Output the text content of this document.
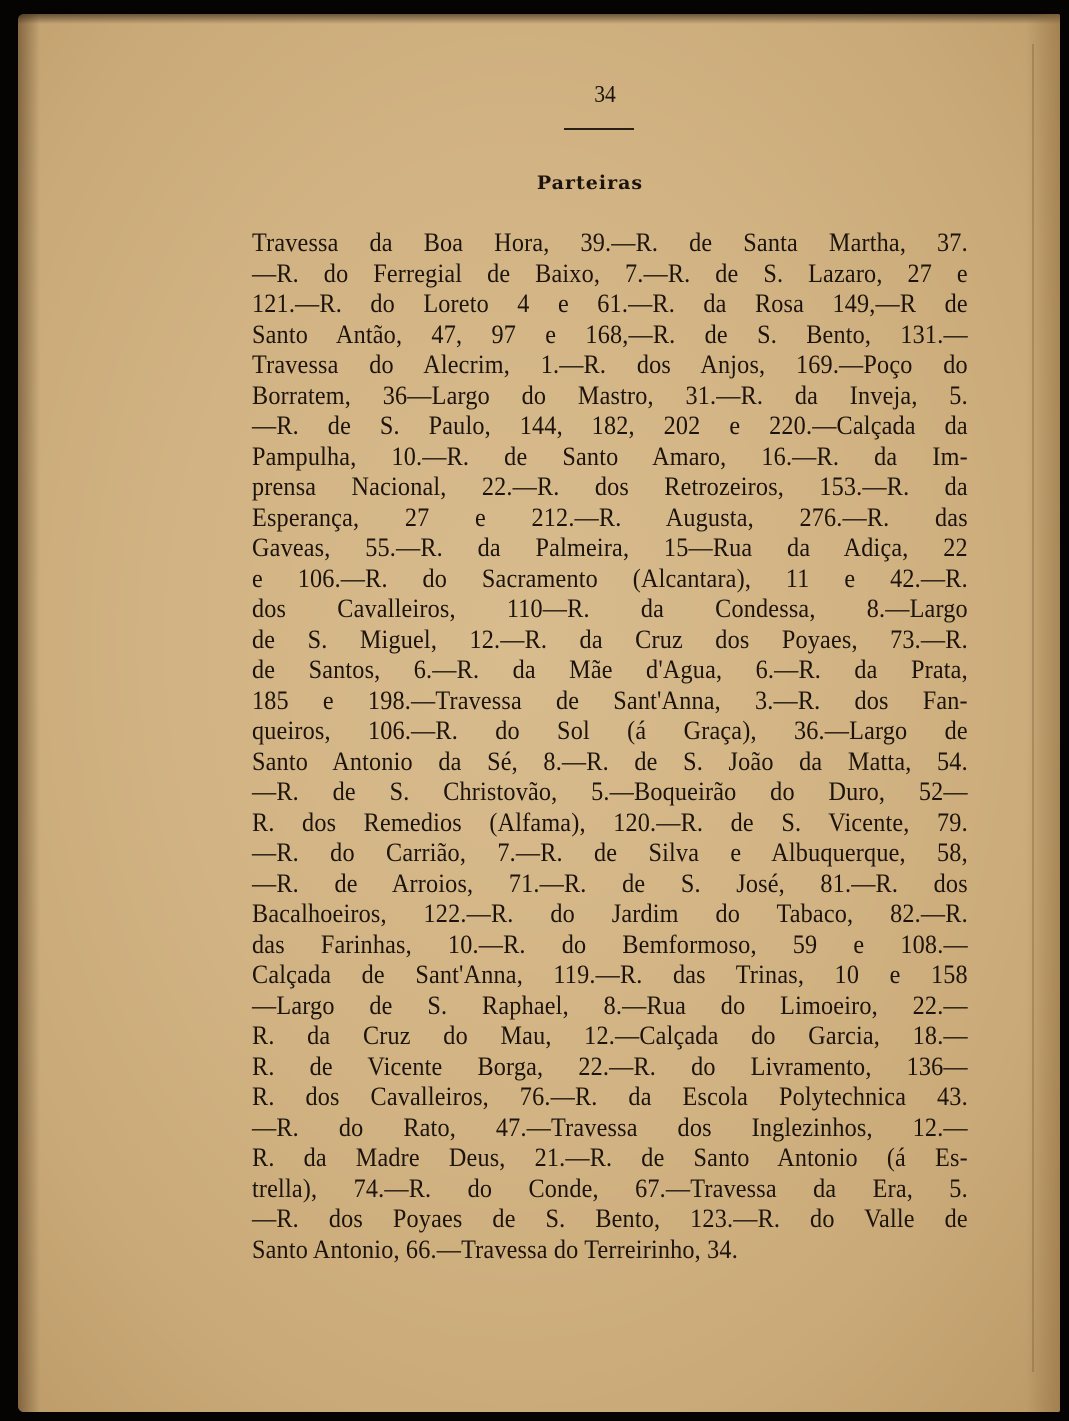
34
Parteiras
Travessa da Boa Hora, 39.—R. de Santa Martha, 37.
—R. do Ferregial de Baixo, 7.—R. de S. Lazaro, 27 e
121.—R. do Loreto 4 e 61.—R. da Rosa 149,—R de
Santo Antão, 47, 97 e 168,—R. de S. Bento, 131.—
Travessa do Alecrim, 1.—R. dos Anjos, 169.—Poço do
Borratem, 36—Largo do Mastro, 31.—R. da Inveja, 5.
—R. de S. Paulo, 144, 182, 202 e 220.—Calçada da
Pampulha, 10.—R. de Santo Amaro, 16.—R. da Im-
prensa Nacional, 22.—R. dos Retrozeiros, 153.—R. da
Esperança, 27 e 212.—R. Augusta, 276.—R. das
Gaveas, 55.—R. da Palmeira, 15—Rua da Adiça, 22
e 106.—R. do Sacramento (Alcantara), 11 e 42.—R.
dos Cavalleiros, 110—R. da Condessa, 8.—Largo
de S. Miguel, 12.—R. da Cruz dos Poyaes, 73.—R.
de Santos, 6.—R. da Mãe d'Agua, 6.—R. da Prata,
185 e 198.—Travessa de Sant'Anna, 3.—R. dos Fan-
queiros, 106.—R. do Sol (á Graça), 36.—Largo de
Santo Antonio da Sé, 8.—R. de S. João da Matta, 54.
—R. de S. Christovão, 5.—Boqueirão do Duro, 52—
R. dos Remedios (Alfama), 120.—R. de S. Vicente, 79.
—R. do Carrião, 7.—R. de Silva e Albuquerque, 58,
—R. de Arroios, 71.—R. de S. José, 81.—R. dos
Bacalhoeiros, 122.—R. do Jardim do Tabaco, 82.—R.
das Farinhas, 10.—R. do Bemformoso, 59 e 108.—
Calçada de Sant'Anna, 119.—R. das Trinas, 10 e 158
—Largo de S. Raphael, 8.—Rua do Limoeiro, 22.—
R. da Cruz do Mau, 12.—Calçada do Garcia, 18.—
R. de Vicente Borga, 22.—R. do Livramento, 136—
R. dos Cavalleiros, 76.—R. da Escola Polytechnica 43.
—R. do Rato, 47.—Travessa dos Inglezinhos, 12.—
R. da Madre Deus, 21.—R. de Santo Antonio (á Es-
trella), 74.—R. do Conde, 67.—Travessa da Era, 5.
—R. dos Poyaes de S. Bento, 123.—R. do Valle de
Santo Antonio, 66.—Travessa do Terreirinho, 34.
